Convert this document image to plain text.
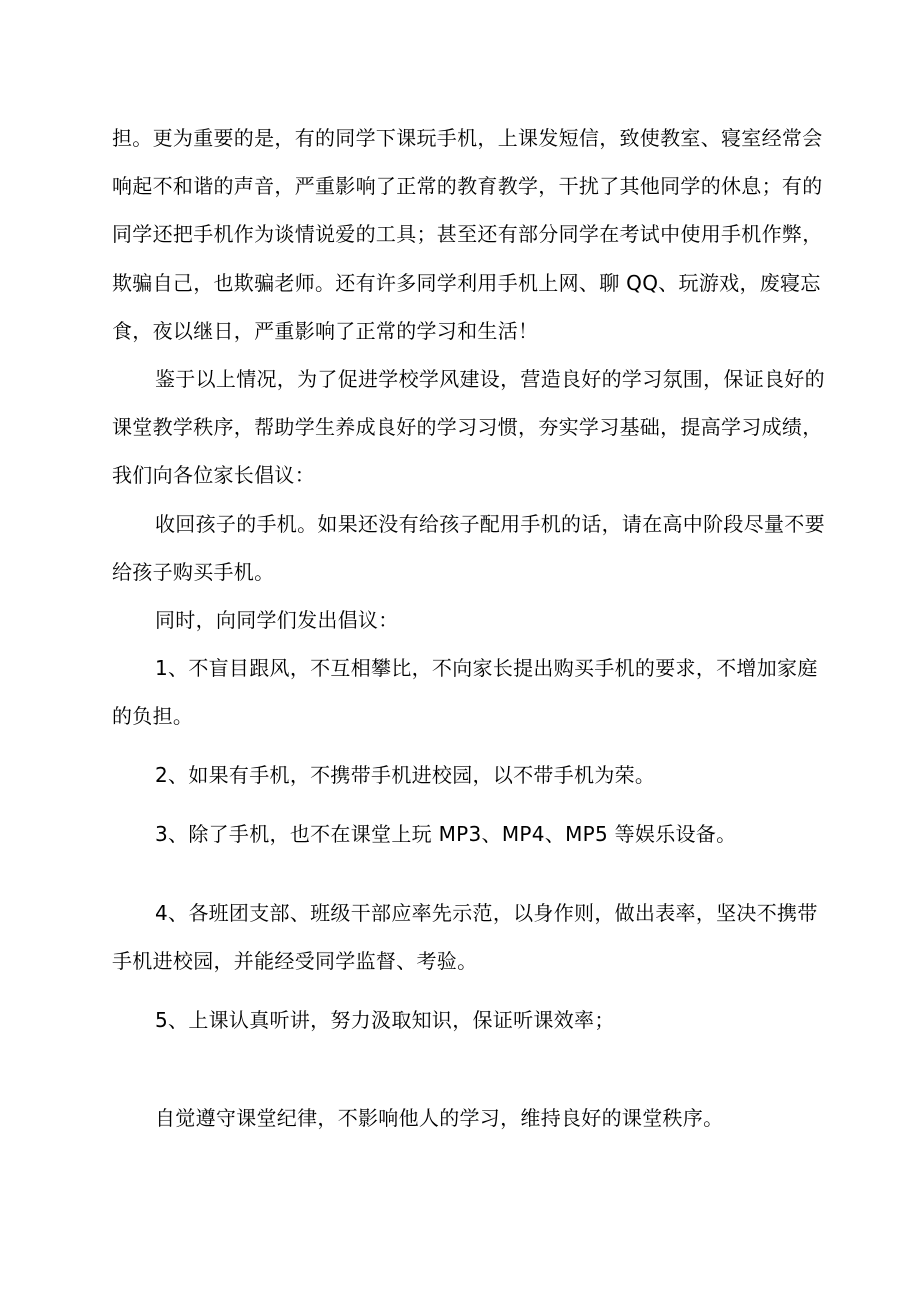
担。更为重要的是，有的同学下课玩手机，上课发短信，致使教室、寝室经常会
响起不和谐的声音，严重影响了正常的教育教学，干扰了其他同学的休息；有的
同学还把手机作为谈情说爱的工具；甚至还有部分同学在考试中使用手机作弊，
欺骗自己，也欺骗老师。还有许多同学利用手机上网、聊 QQ、玩游戏，废寝忘
食，夜以继日，严重影响了正常的学习和生活！
鉴于以上情况，为了促进学校学风建设，营造良好的学习氛围，保证良好的
课堂教学秩序，帮助学生养成良好的学习习惯，夯实学习基础，提高学习成绩，
我们向各位家长倡议：
收回孩子的手机。如果还没有给孩子配用手机的话，请在高中阶段尽量不要
给孩子购买手机。
同时，向同学们发出倡议：
1、不盲目跟风，不互相攀比，不向家长提出购买手机的要求，不增加家庭
的负担。
2、如果有手机，不携带手机进校园，以不带手机为荣。
3、除了手机，也不在课堂上玩 MP3、MP4、MP5 等娱乐设备。
4、各班团支部、班级干部应率先示范，以身作则，做出表率，坚决不携带
手机进校园，并能经受同学监督、考验。
5、上课认真听讲，努力汲取知识，保证听课效率；
自觉遵守课堂纪律，不影响他人的学习，维持良好的课堂秩序。
